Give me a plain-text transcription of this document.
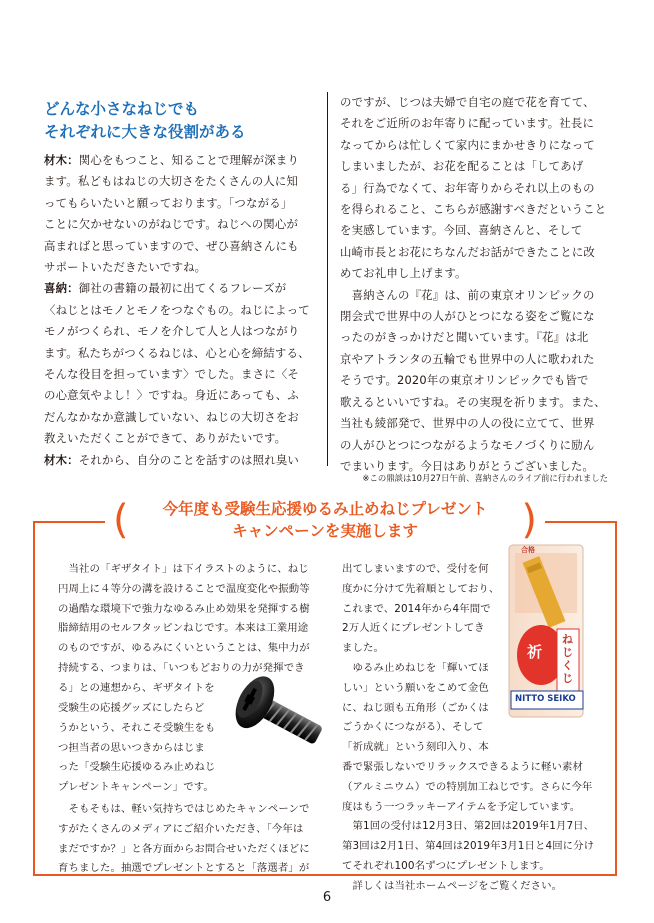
どんな小さなねじでも
それぞれに大きな役割がある

材木：関心をもつこと、知ることで理解が深まり

ます。私どもはねじの大切さをたくさんの人に知

ってもらいたいと願っております。「つながる」

ことに欠かせないのがねじです。ねじへの関心が

高まればと思っていますので、ぜひ喜納さんにも

サポートいただきたいですね。

喜納：御社の書籍の最初に出てくるフレーズが

〈ねじとはモノとモノをつなぐもの。ねじによって

モノがつくられ、モノを介して人と人はつながり

ます。私たちがつくるねじは、心と心を締結する、

そんな役目を担っています〉でした。まさに〈そ

の心意気やよし！〉ですね。身近にあっても、ふ

だんなかなか意識していない、ねじの大切さをお

教えいただくことができて、ありがたいです。

材木：それから、自分のことを話すのは照れ臭い

のですが、じつは夫婦で自宅の庭で花を育てて、

それをご近所のお年寄りに配っています。社長に

なってからは忙しくて家内にまかせきりになって

しまいましたが、お花を配ることは「してあげ

る」行為でなくて、お年寄りからそれ以上のもの

を得られること、こちらが感謝すべきだということ

を実感しています。今回、喜納さんと、そして

山崎市長とお花にちなんだお話ができたことに改

めてお礼申し上げます。

　喜納さんの『花』は、前の東京オリンピックの

閉会式で世界中の人がひとつになる姿をご覧にな

ったのがきっかけだと聞いています。『花』は北

京やアトランタの五輪でも世界中の人に歌われた

そうです。2020年の東京オリンピックでも皆で

歌えるといいですね。その実現を祈ります。また、

当社も綾部発で、世界中の人の役に立てて、世界

の人がひとつにつながるようなモノづくりに励ん

でまいります。今日はありがとうございました。

※この鼎談は10月27日午前、喜納さんのライブ前に行われました
(	今年度も受験生応援ゆるみ止めねじプレゼント
キャンペーンを実施します	)

　当社の「ギザタイト」は下イラストのように、ねじ

円周上に４等分の溝を設けることで温度変化や振動等

の過酷な環境下で強力なゆるみ止め効果を発揮する樹

脂締結用のセルフタッピンねじです。本来は工業用途

のものですが、ゆるみにくいということは、集中力が

持続する、つまりは、「いつもどおりの力が発揮でき

る」との連想から、ギザタイトを

受験生の応援グッズにしたらど

うかという、それこそ受験生をも

つ担当者の思いつきからはじま

った「受験生応援ゆるみ止めねじ

プレゼントキャンペーン」です。

　そもそもは、軽い気持ちではじめたキャンペーンで

すがたくさんのメディアにご紹介いただき、「今年は

まだですか？」と各方面からお問合せいただくほどに

育ちました。抽選でプレゼントとすると「落選者」が

出てしまいますので、受付を何

度かに分けて先着順としており、

これまで、2014年から4年間で

2万人近くにプレゼントしてき

ました。

　ゆるみ止めねじを「輝いてほ

しい」という願いをこめて金色

に、ねじ頭も五角形（ごかくは

ごうかくにつながる）、そして

「祈成就」という刻印入り、本

番で緊張しないでリラックスできるように軽い素材

（アルミニウム）での特別加工ねじです。さらに今年

度はもう一つラッキーアイテムを予定しています。

　第1回の受付は12月3日、第2回は2019年1月7日、

第3回は2月1日、第4回は2019年3月1日と4回に分け

てそれぞれ100名ずつにプレゼントします。

　詳しくは当社ホームページをご覧ください。

合格
祈
ねじくじ
NITTO SEIKO
6
